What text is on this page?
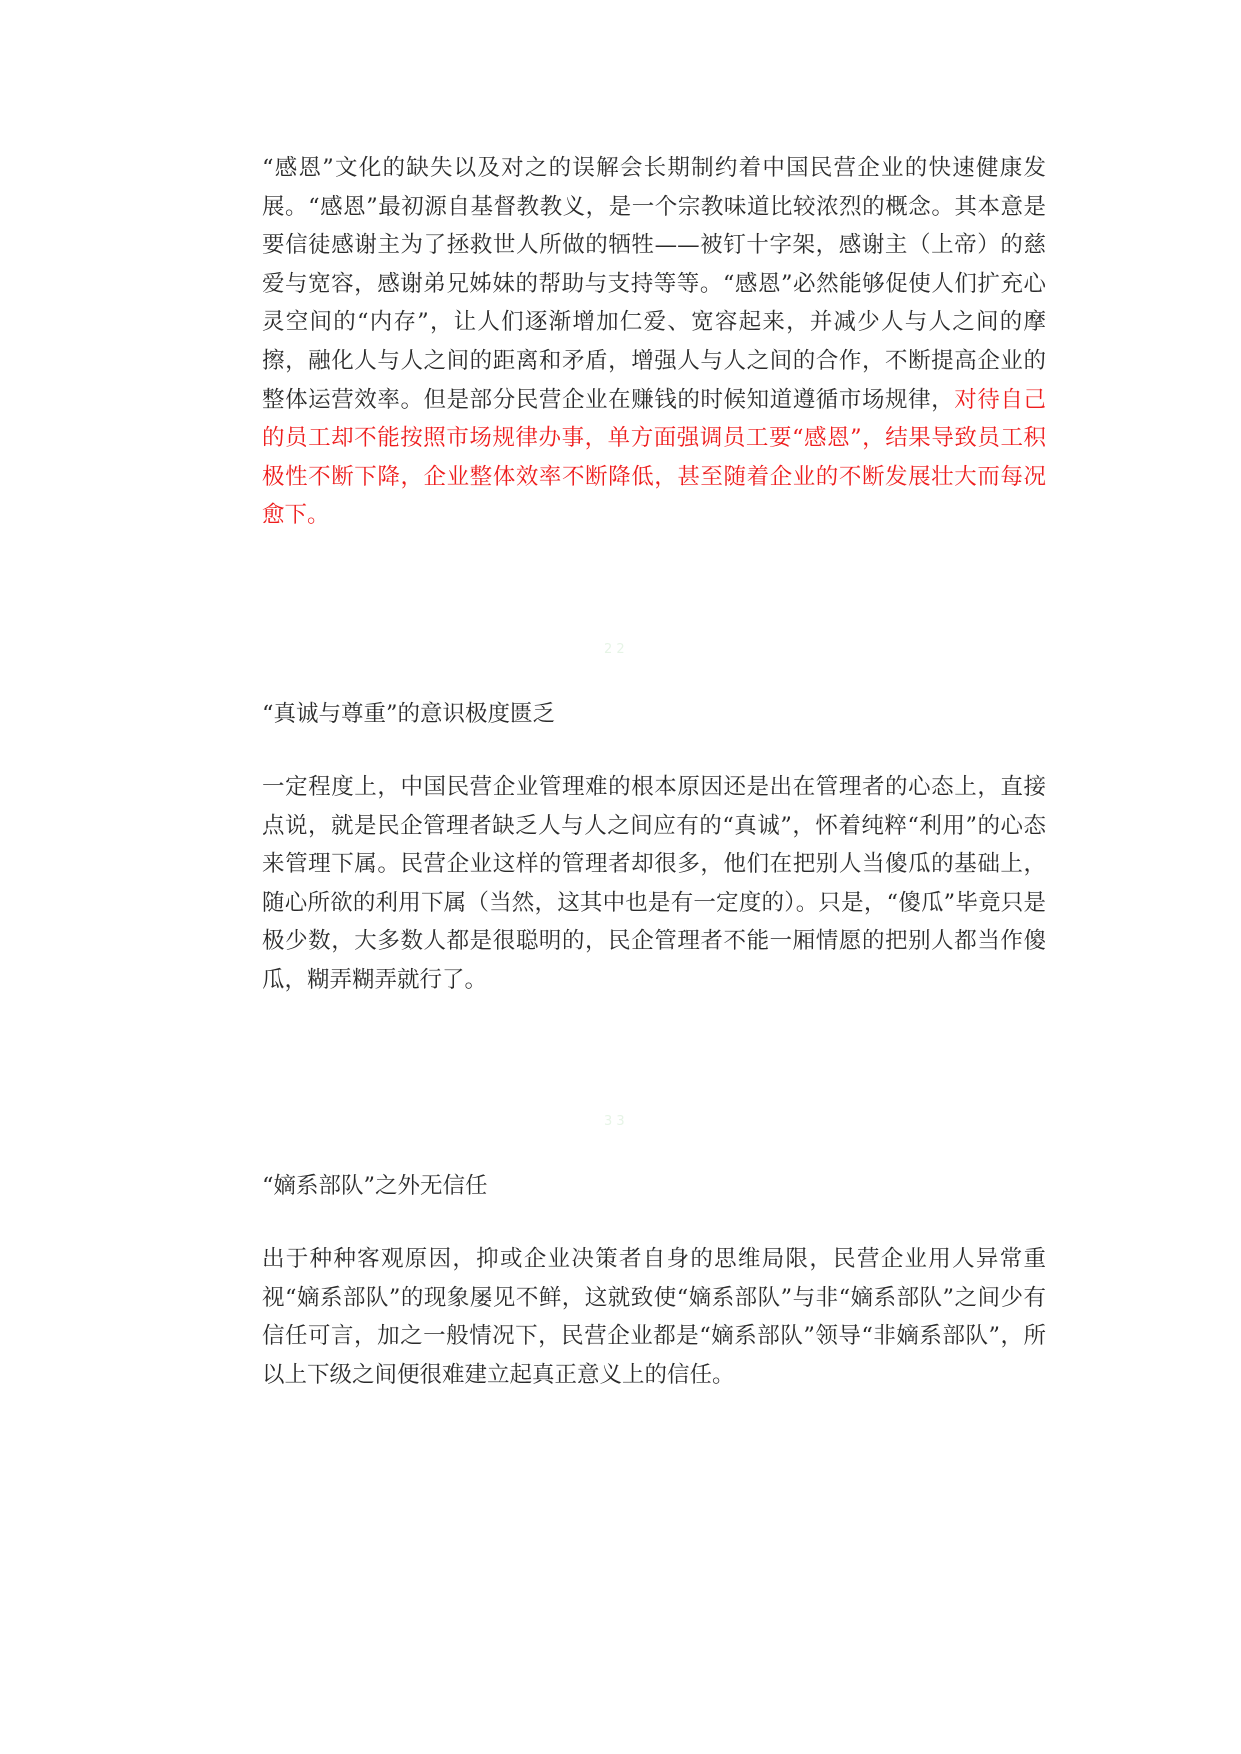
“感恩”文化的缺失以及对之的误解会长期制约着中国民营企业的快速健康发展。“感恩”最初源自基督教教义，是一个宗教味道比较浓烈的概念。其本意是要信徒感谢主为了拯救世人所做的牺牲——被钉十字架，感谢主（上帝）的慈爱与宽容，感谢弟兄姊妹的帮助与支持等等。“感恩”必然能够促使人们扩充心灵空间的“内存”，让人们逐渐增加仁爱、宽容起来，并减少人与人之间的摩擦，融化人与人之间的距离和矛盾，增强人与人之间的合作，不断提高企业的整体运营效率。但是部分民营企业在赚钱的时候知道遵循市场规律，对待自己的员工却不能按照市场规律办事，单方面强调员工要“感恩”，结果导致员工积极性不断下降，企业整体效率不断降低，甚至随着企业的不断发展壮大而每况愈下。

2 2

“真诚与尊重”的意识极度匮乏

一定程度上，中国民营企业管理难的根本原因还是出在管理者的心态上，直接点说，就是民企管理者缺乏人与人之间应有的“真诚”，怀着纯粹“利用”的心态来管理下属。民营企业这样的管理者却很多，他们在把别人当傻瓜的基础上，随心所欲的利用下属（当然，这其中也是有一定度的）。只是，“傻瓜”毕竟只是极少数，大多数人都是很聪明的，民企管理者不能一厢情愿的把别人都当作傻瓜，糊弄糊弄就行了。

3 3

“嫡系部队”之外无信任

出于种种客观原因，抑或企业决策者自身的思维局限，民营企业用人异常重视“嫡系部队”的现象屡见不鲜，这就致使“嫡系部队”与非“嫡系部队”之间少有信任可言，加之一般情况下，民营企业都是“嫡系部队”领导“非嫡系部队”，所以上下级之间便很难建立起真正意义上的信任。
